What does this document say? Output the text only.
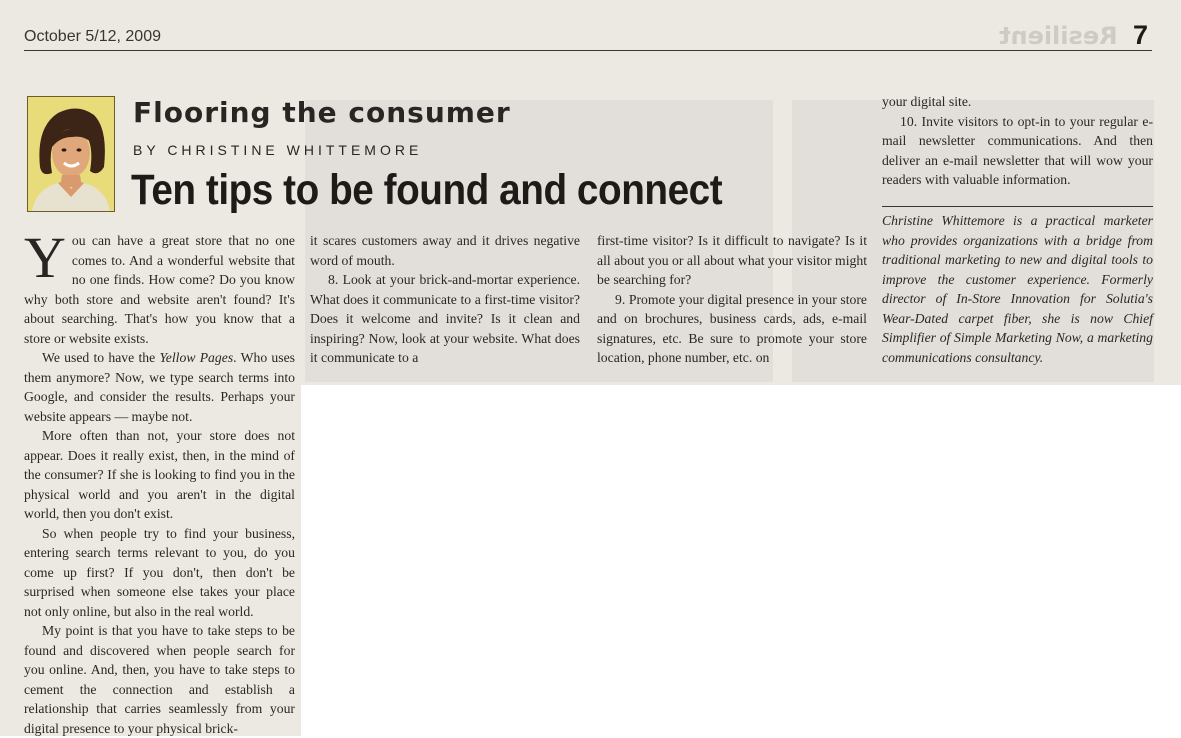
October 5/12, 2009	Resilient 7
Flooring the consumer
BY CHRISTINE WHITTEMORE
Ten tips to be found and connect

You can have a great store that no one comes to. And a wonderful website that no one finds. How come? Do you know why both store and website aren't found? It's about searching. That's how you know that a store or website exists.

We used to have the Yellow Pages. Who uses them anymore? Now, we type search terms into Google, and consider the results. Perhaps your website appears — maybe not.

More often than not, your store does not appear. Does it really exist, then, in the mind of the consumer? If she is looking to find you in the physical world and you aren't in the digital world, then you don't exist.

So when people try to find your business, entering search terms relevant to you, do you come up first? If you don't, then don't be surprised when someone else takes your place not only online, but also in the real world.

My point is that you have to take steps to be found and discovered when people search for you online. And, then, you have to take steps to cement the connection and establish a relationship that carries seamlessly from your digital presence to your physical brick-

it scares customers away and it drives negative word of mouth.

8. Look at your brick-and-mortar experience. What does it communicate to a first-time visitor? Does it welcome and invite? Is it clean and inspiring? Now, look at your website. What does it communicate to a

first-time visitor? Is it difficult to navigate? Is it all about you or all about what your visitor might be searching for?

9. Promote your digital presence in your store and on brochures, business cards, ads, e-mail signatures, etc. Be sure to promote your store location, phone number, etc. on

your digital site.

10. Invite visitors to opt-in to your regular e-mail newsletter communications. And then deliver an e-mail newsletter that will wow your readers with valuable information.

Christine Whittemore is a practical marketer who provides organizations with a bridge from traditional marketing to new and digital tools to improve the customer experience. Formerly director of In-Store Innovation for Solutia's Wear-Dated carpet fiber, she is now Chief Simplifier of Simple Marketing Now, a marketing communications consultancy.
